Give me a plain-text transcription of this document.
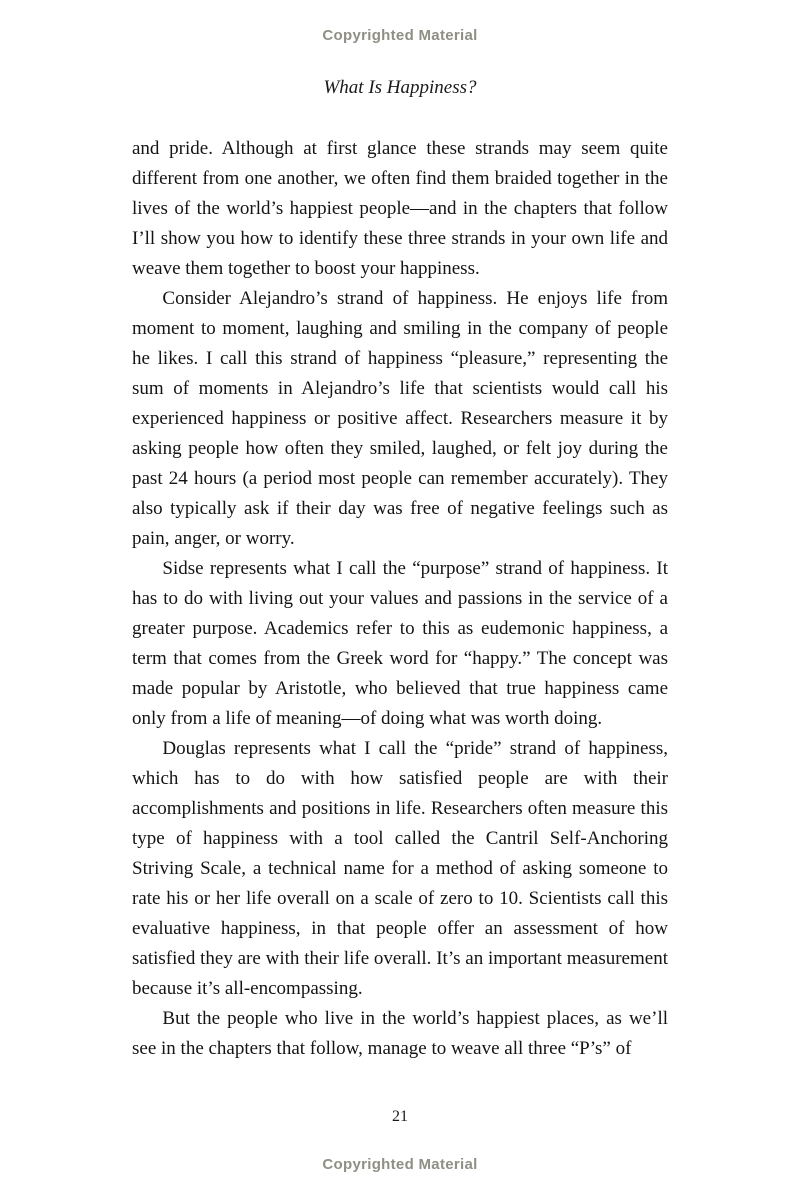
Copyrighted Material
What Is Happiness?

and pride. Although at first glance these strands may seem quite different from one another, we often find them braided together in the lives of the world’s happiest people—and in the chapters that follow I’ll show you how to identify these three strands in your own life and weave them together to boost your happiness.

Consider Alejandro’s strand of happiness. He enjoys life from moment to moment, laughing and smiling in the company of people he likes. I call this strand of happiness “pleasure,” representing the sum of moments in Alejandro’s life that scientists would call his experienced happiness or positive affect. Researchers measure it by asking people how often they smiled, laughed, or felt joy during the past 24 hours (a period most people can remember accurately). They also typically ask if their day was free of negative feelings such as pain, anger, or worry.

Sidse represents what I call the “purpose” strand of happiness. It has to do with living out your values and passions in the service of a greater purpose. Academics refer to this as eudemonic happiness, a term that comes from the Greek word for “happy.” The concept was made popular by Aristotle, who believed that true happiness came only from a life of meaning—of doing what was worth doing.

Douglas represents what I call the “pride” strand of happiness, which has to do with how satisfied people are with their accomplishments and positions in life. Researchers often measure this type of happiness with a tool called the Cantril Self-Anchoring Striving Scale, a technical name for a method of asking someone to rate his or her life overall on a scale of zero to 10. Scientists call this evaluative happiness, in that people offer an assessment of how satisfied they are with their life overall. It’s an important measurement because it’s all-encompassing.

But the people who live in the world’s happiest places, as we’ll see in the chapters that follow, manage to weave all three “P’s” of

21
Copyrighted Material
